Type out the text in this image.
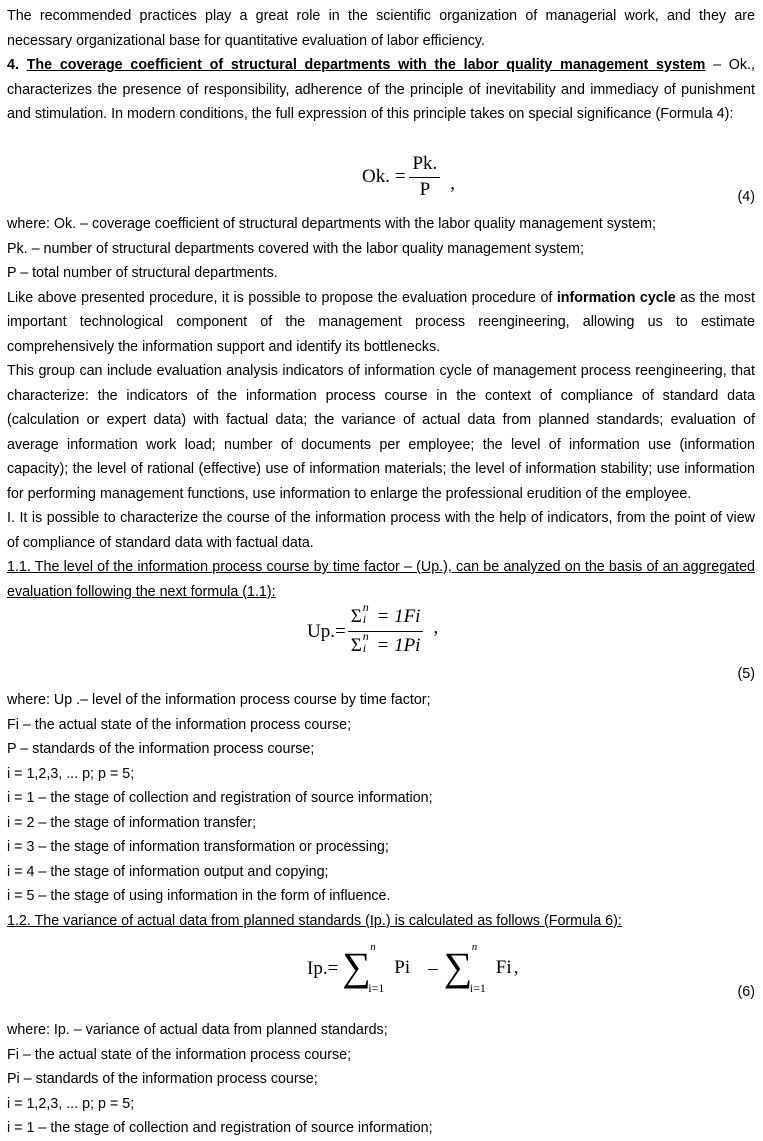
The recommended practices play a great role in the scientific organization of managerial work, and they are necessary organizational base for quantitative evaluation of labor efficiency.

4. The coverage coefficient of structural departments with the labor quality management system – Ok., characterizes the presence of responsibility, adherence of the principle of inevitability and immediacy of punishment and stimulation. In modern conditions, the full expression of this principle takes on special significance (Formula 4):

Ok. = $\frac{Pk.}{P}$ ,
(4)

where: Ok. – coverage coefficient of structural departments with the labor quality management system;

Pk. – number of structural departments covered with the labor quality management system;

P – total number of structural departments.

Like above presented procedure, it is possible to propose the evaluation procedure of information cycle as the most important technological component of the management process reengineering, allowing us to estimate comprehensively the information support and identify its bottlenecks.

This group can include evaluation analysis indicators of information cycle of management process reengineering, that characterize: the indicators of the information process course in the context of compliance of standard data (calculation or expert data) with factual data; the variance of actual data from planned standards; evaluation of average information work load; number of documents per employee; the level of information use (information capacity); the level of rational (effective) use of information materials; the level of information stability; use information for performing management functions, use information to enlarge the professional erudition of the employee.

I. It is possible to characterize the course of the information process with the help of indicators, from the point of view of compliance of standard data with factual data.

1.1. The level of the information process course by time factor – (Up.), can be analyzed on the basis of an aggregated evaluation following the next formula (1.1):

Up.= Σ n
i = 1Fi
Σ n
i = 1Pi ,
(5)

where: Up .– level of the information process course by time factor;

Fi – the actual state of the information process course;

P – standards of the information process course;

i = 1,2,3, ... p; p = 5;

i = 1 – the stage of collection and registration of source information;

i = 2 – the stage of information transfer;

i = 3 – the stage of information transformation or processing;

i = 4 – the stage of information output and copying;

i = 5 – the stage of using information in the form of influence.

1.2. The variance of actual data from planned standards (Ip.) is calculated as follows (Formula 6):

Ip.= ∑ n
i=1
Pi – ∑ n
i=1
Fi ,
(6)

where: Ip. – variance of actual data from planned standards;

Fi – the actual state of the information process course;

Pi – standards of the information process course;

i = 1,2,3, ... p; p = 5;

i = 1 – the stage of collection and registration of source information;
